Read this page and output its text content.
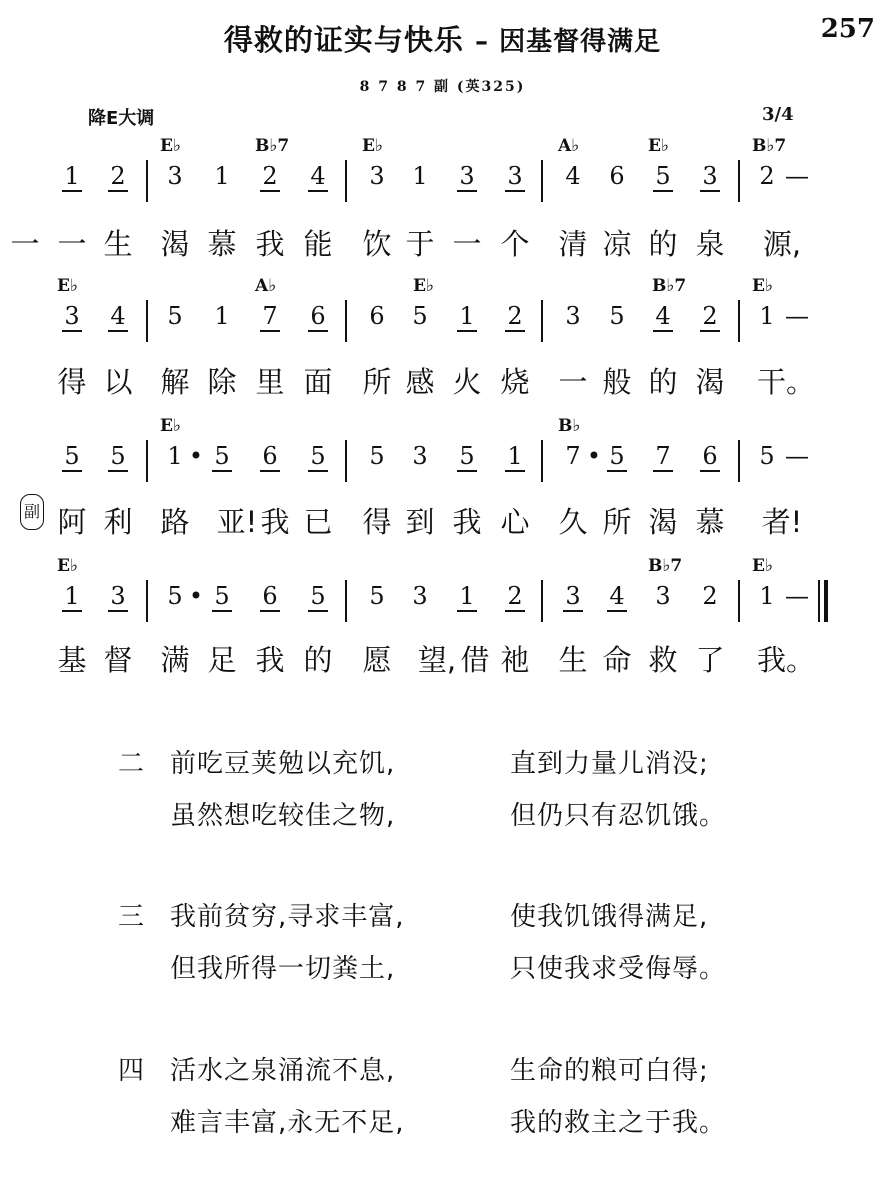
得救的证实与快乐 – 因基督得满足	257
8 7 8 7 副 (英325)
降E大调	3/4
E♭	B♭7	E♭	A♭	E♭	B♭7
1	2	3	1	2	4	3	1	3	3	4	6	5	3	2 —
一 一 生 渴 慕 我 能 饮 于 一 个 清 凉 的 泉 源,
E♭	A♭	E♭	B♭7	E♭
3	4	5	1	7	6	6	5	1	2	3	5	4	2	1 —
得 以 解 除 里 面 所 感 火 烧 一 般 的 渴 干。
E♭	B♭
5	5	1 • 5	6	5	5	3	5	1	7 • 5	7	6	5 —
副 阿 利 路 亚! 我 已 得 到 我 心 久 所 渴 慕 者!
E♭	B♭7	E♭
1	3	5 • 5	6	5	5	3	1	2	3	4	3	2	1 —
基 督 满 足 我 的 愿 望, 借 祂 生 命 救 了 我。
二 前吃豆荚勉以充饥,	直到力量儿消没;
虽然想吃较佳之物,	但仍只有忍饥饿。
三 我前贫穷,寻求丰富,	使我饥饿得满足,
但我所得一切粪土,	只使我求受侮辱。
四 活水之泉涌流不息,	生命的粮可白得;
难言丰富,永无不足,	我的救主之于我。
